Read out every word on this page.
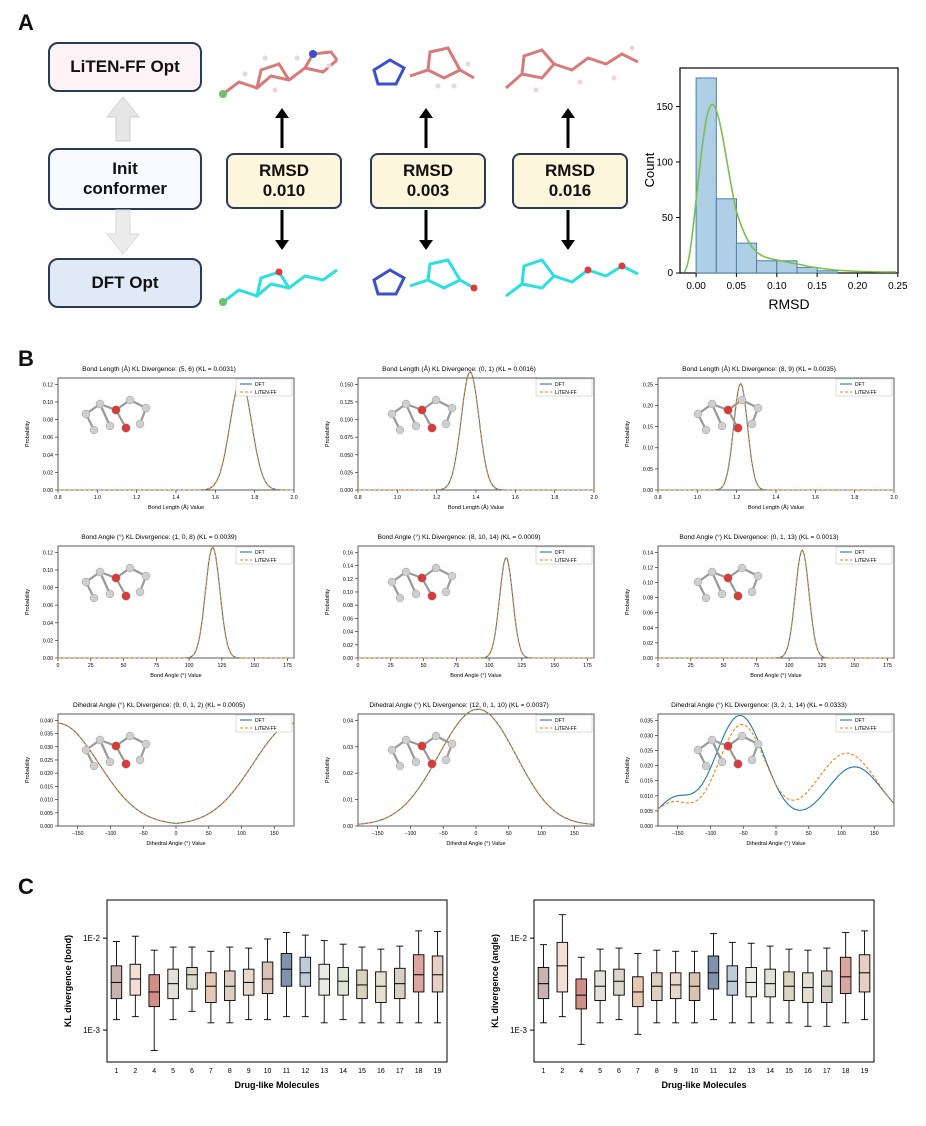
A
LiTEN-FF Opt
Init
conformer
DFT Opt
RMSD
0.010
RMSD
0.003
RMSD
0.016
0.00 0.05 0.10 0.15 0.20 0.25
0
50
100
150
RMSD
Count
B	Bond Length (Å) KL Divergence: (5, 6) (KL = 0.0031)
0.00
0.02
0.04
0.06
0.08
0.10
0.12
0.8	1.0	1.2	1.4	1.6	1.8	2.0
Bond Length (Å) Value
Probability
DFT
LiTEN-FF
Bond Length (Å) KL Divergence: (0, 1) (KL = 0.0016)
0.000
0.025
0.050
0.075
0.100
0.125
0.150
0.8	1.0	1.2	1.4	1.6	1.8	2.0
Bond Length (Å) Value
Probability
DFT
LiTEN-FF
Bond Length (Å) KL Divergence: (8, 9) (KL = 0.0035)
0.00
0.05
0.10
0.15
0.20
0.25
0.8	1.0	1.2	1.4	1.6	1.8	2.0
Bond Length (Å) Value
Probability
DFT
LiTEN-FF
Bond Angle (°) KL Divergence: (1, 0, 8) (KL = 0.0039)
0.00
0.02
0.04
0.06
0.08
0.10
0.12
0	25	50	75	100	125	150	175
Bond Angle (°) Value
Probability
DFT
LiTEN-FF
Bond Angle (°) KL Divergence: (8, 10, 14) (KL = 0.0009)
0.00
0.02
0.04
0.06
0.08
0.10
0.12
0.14
0.16
0	25	50	75	100	125	150	175
Bond Angle (°) Value
Probability
DFT
LiTEN-FF
Bond Angle (°) KL Divergence: (0, 1, 13) (KL = 0.0013)
0.00
0.02
0.04
0.06
0.08
0.10
0.12
0.14
0	25	50	75	100	125	150	175
Bond Angle (°) Value
Probability
DFT
LiTEN-FF
Dihedral Angle (°) KL Divergence: (9, 0, 1, 2) (KL = 0.0005)
0.000
0.005
0.010
0.015
0.020
0.025
0.030
0.035
0.040
−150	−100	−50	0	50	100	150
Dihedral Angle (°) Value
Probability
DFT
LiTEN-FF
Dihedral Angle (°) KL Divergence: (12, 0, 1, 10) (KL = 0.0037)
0.00
0.01
0.02
0.03
0.04
−150	−100	−50	0	50	100	150
Dihedral Angle (°) Value
Probability
DFT
LiTEN-FF
Dihedral Angle (°) KL Divergence: (3, 2, 1, 14) (KL = 0.0333)
0.000
0.005
0.010
0.015
0.020
0.025
0.030
0.035
−150	−100	−50	0	50	100	150
Dihedral Angle (°) Value
Probability
DFT
LiTEN-FF
C
1E-3
1E-2
1 2 4 5 6 7 8 9 10 11 12 13 14 15 16 17 18 19
Drug-like Molecules
KL divergence (bond)
1E-3
1E-2
1 2 4 5 6 7 8 9 10 11 12 13 14 15 16 17 18 19
Drug-like Molecules
KL divergence (angle)
